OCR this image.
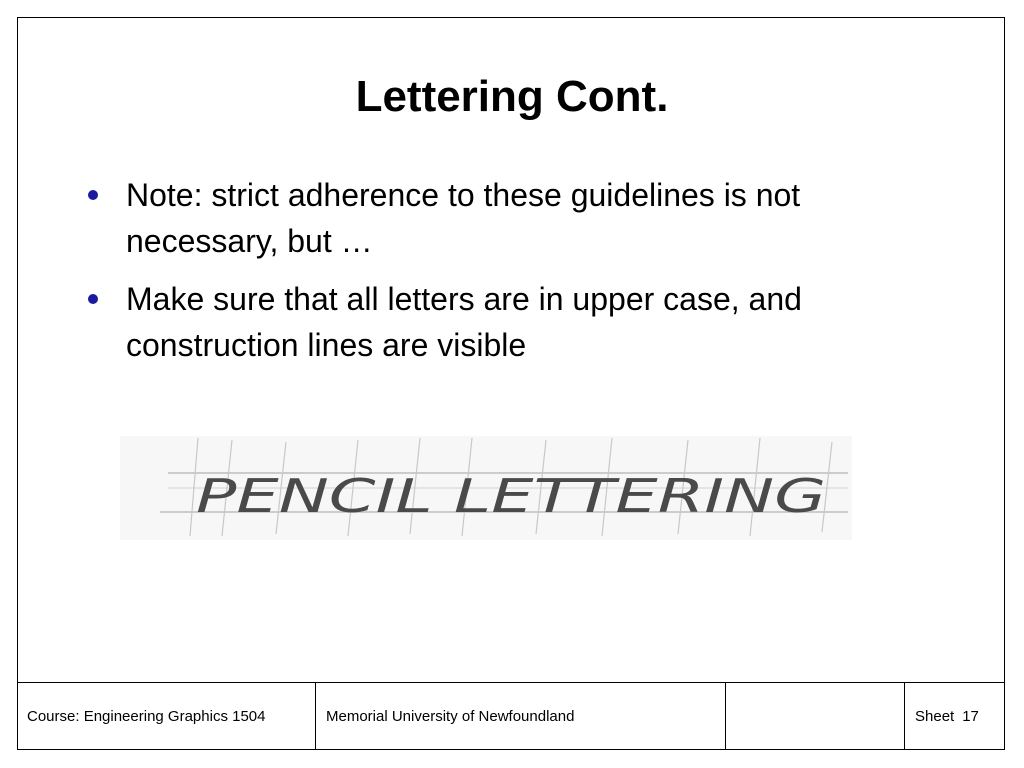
Lettering Cont.
Note: strict adherence to these guidelines is not necessary, but …
Make sure that all letters are in upper case, and construction lines are visible
PENCIL LETTERING
Course: Engineering Graphics 1504	Memorial University of Newfoundland	Sheet 17
